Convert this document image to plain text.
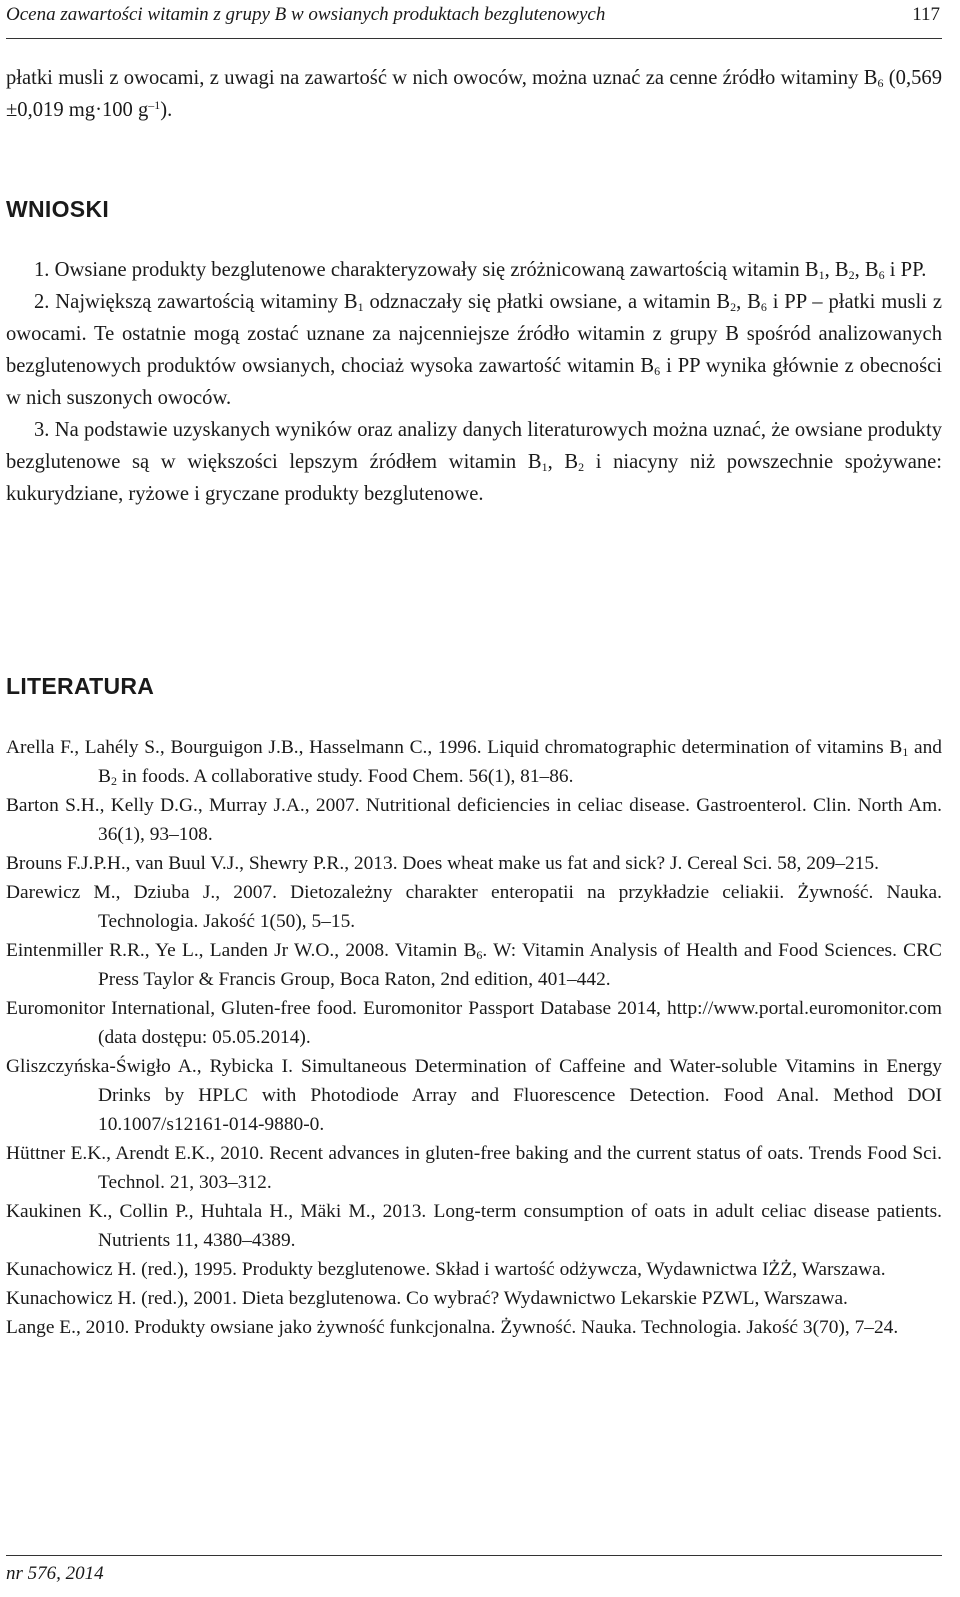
Ocena zawartości witamin z grupy B w owsianych produktach bezglutenowych	117

płatki musli z owocami, z uwagi na zawartość w nich owoców, można uznać za cenne źródło witaminy $B_6$ (0,569 ±0,019 mg·100 $g^{-1}$).

WNIOSKI

1. Owsiane produkty bezglutenowe charakteryzowały się zróżnicowaną zawartością witamin $B_1$, $B_2$, $B_6$ i PP.

2. Największą zawartością witaminy $B_1$ odznaczały się płatki owsiane, a witamin $B_2$, $B_6$ i PP – płatki musli z owocami. Te ostatnie mogą zostać uznane za najcenniejsze źródło witamin z grupy B spośród analizowanych bezglutenowych produktów owsianych, chociaż wysoka zawartość witamin $B_6$ i PP wynika głównie z obecności w nich suszonych owoców.

3. Na podstawie uzyskanych wyników oraz analizy danych literaturowych można uznać, że owsiane produkty bezglutenowe są w większości lepszym źródłem witamin $B_1$, $B_2$ i niacyny niż powszechnie spożywane: kukurydziane, ryżowe i gryczane produkty bezglutenowe.

LITERATURA

Arella F., Lahély S., Bourguigon J.B., Hasselmann C., 1996. Liquid chromatographic determination of vitamins $B_1$ and $B_2$ in foods. A collaborative study. Food Chem. 56(1), 81–86.

Barton S.H., Kelly D.G., Murray J.A., 2007. Nutritional deficiencies in celiac disease. Gastroenterol. Clin. North Am. 36(1), 93–108.

Brouns F.J.P.H., van Buul V.J., Shewry P.R., 2013. Does wheat make us fat and sick? J. Cereal Sci. 58, 209–215.

Darewicz M., Dziuba J., 2007. Dietozależny charakter enteropatii na przykładzie celiakii. Żywność. Nauka. Technologia. Jakość 1(50), 5–15.

Eintenmiller R.R., Ye L., Landen Jr W.O., 2008. Vitamin $B_6$. W: Vitamin Analysis of Health and Food Sciences. CRC Press Taylor & Francis Group, Boca Raton, 2nd edition, 401–442.

Euromonitor International, Gluten-free food. Euromonitor Passport Database 2014, http://www.portal.euromonitor.com (data dostępu: 05.05.2014).

Gliszczyńska-Świgło A., Rybicka I. Simultaneous Determination of Caffeine and Water-soluble Vitamins in Energy Drinks by HPLC with Photodiode Array and Fluorescence Detection. Food Anal. Method DOI 10.1007/s12161-014-9880-0.

Hüttner E.K., Arendt E.K., 2010. Recent advances in gluten-free baking and the current status of oats. Trends Food Sci. Technol. 21, 303–312.

Kaukinen K., Collin P., Huhtala H., Mäki M., 2013. Long-term consumption of oats in adult celiac disease patients. Nutrients 11, 4380–4389.

Kunachowicz H. (red.), 1995. Produkty bezglutenowe. Skład i wartość odżywcza, Wydawnictwa IŻŻ, Warszawa.

Kunachowicz H. (red.), 2001. Dieta bezglutenowa. Co wybrać? Wydawnictwo Lekarskie PZWL, Warszawa.

Lange E., 2010. Produkty owsiane jako żywność funkcjonalna. Żywność. Nauka. Technologia. Jakość 3(70), 7–24.

nr 576, 2014
